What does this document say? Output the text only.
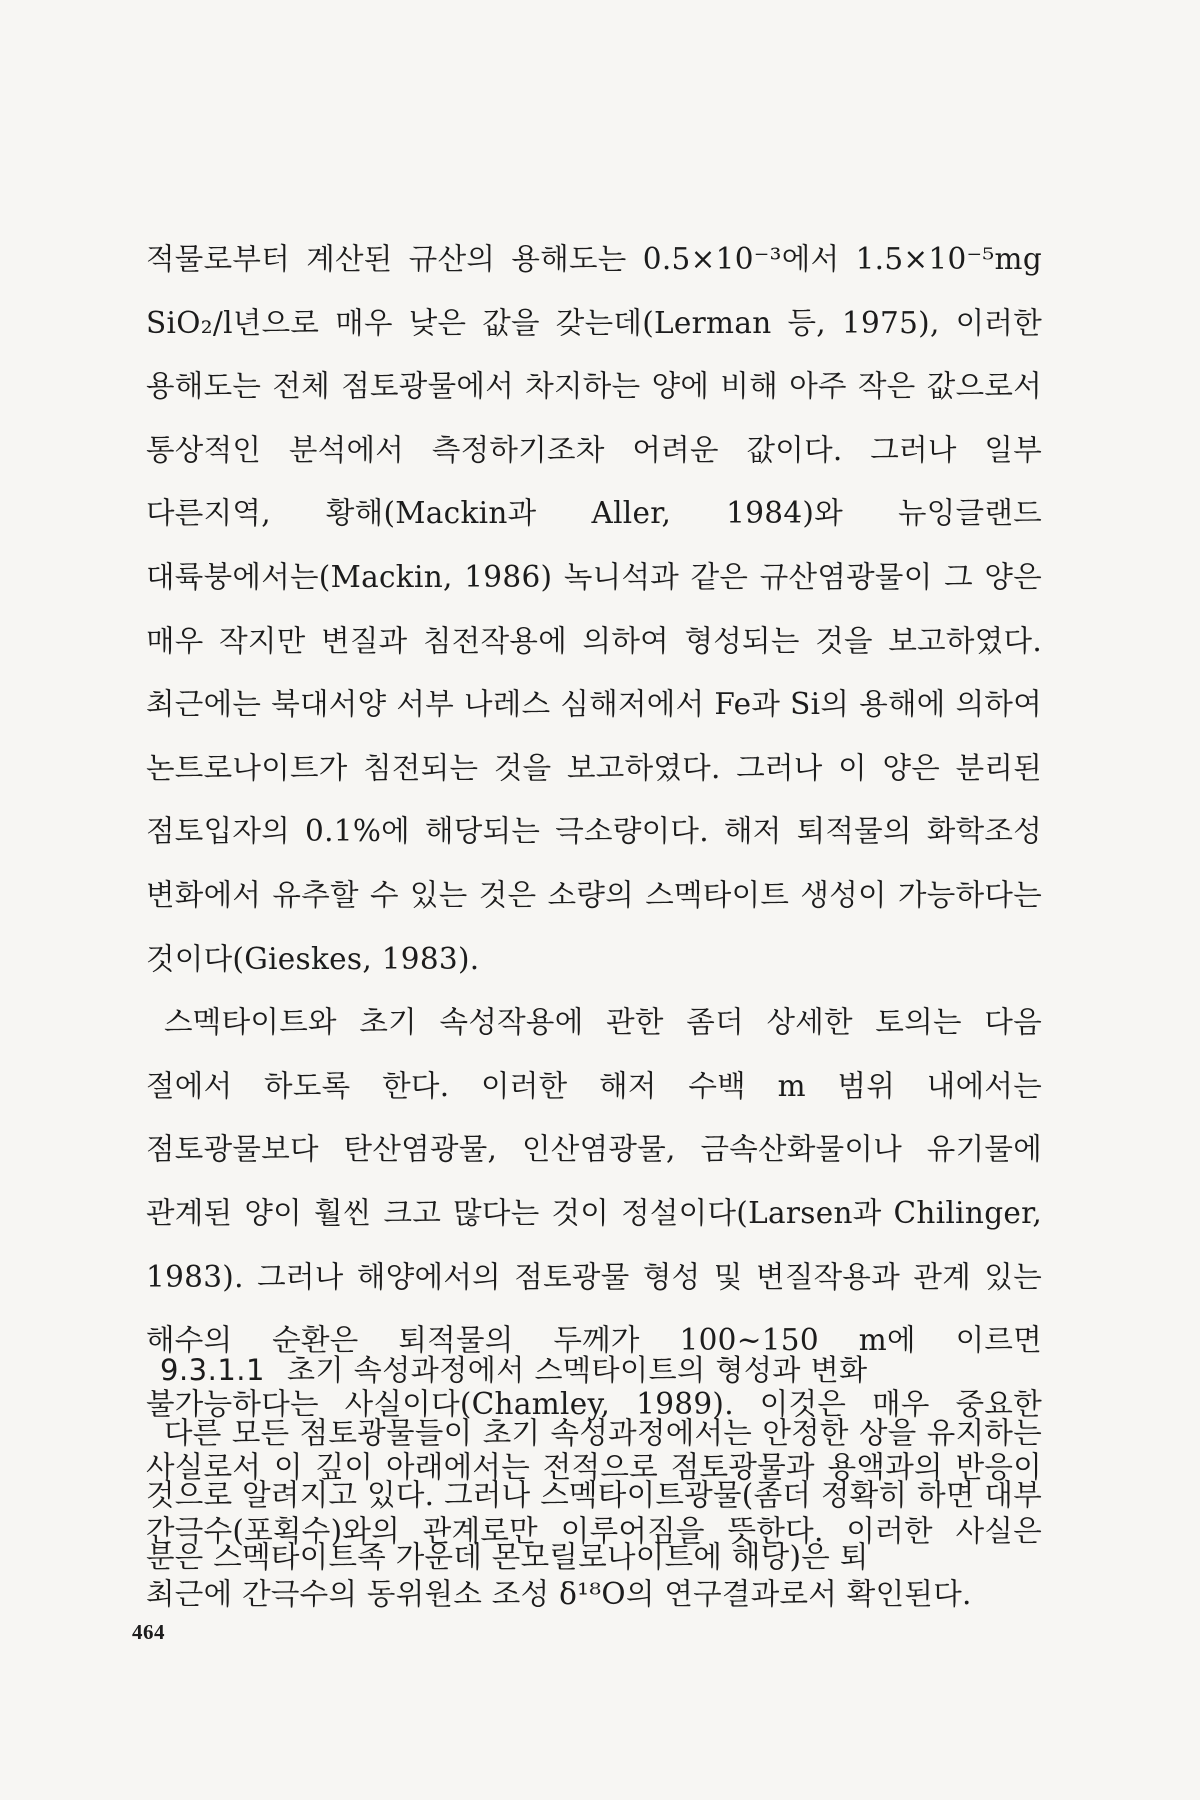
적물로부터 계산된 규산의 용해도는 0.5×10⁻³에서 1.5×10⁻⁵mg SiO₂/l년으로 매우 낮은 값을 갖는데(Lerman 등, 1975), 이러한 용해도는 전체 점토광물에서 차지하는 양에 비해 아주 작은 값으로서 통상적인 분석에서 측정하기조차 어려운 값이다. 그러나 일부 다른지역, 황해(Mackin과 Aller, 1984)와 뉴잉글랜드 대륙붕에서는(Mackin, 1986) 녹니석과 같은 규산염광물이 그 양은 매우 작지만 변질과 침전작용에 의하여 형성되는 것을 보고하였다. 최근에는 북대서양 서부 나레스 심해저에서 Fe과 Si의 용해에 의하여 논트로나이트가 침전되는 것을 보고하였다. 그러나 이 양은 분리된 점토입자의 0.1%에 해당되는 극소량이다. 해저 퇴적물의 화학조성 변화에서 유추할 수 있는 것은 소량의 스멕타이트 생성이 가능하다는 것이다(Gieskes, 1983).

스멕타이트와 초기 속성작용에 관한 좀더 상세한 토의는 다음 절에서 하도록 한다. 이러한 해저 수백 m 범위 내에서는 점토광물보다 탄산염광물, 인산염광물, 금속산화물이나 유기물에 관계된 양이 훨씬 크고 많다는 것이 정설이다(Larsen과 Chilinger, 1983). 그러나 해양에서의 점토광물 형성 및 변질작용과 관계 있는 해수의 순환은 퇴적물의 두께가 100~150 m에 이르면 불가능하다는 사실이다(Chamley, 1989). 이것은 매우 중요한 사실로서 이 깊이 아래에서는 전적으로 점토광물과 용액과의 반응이 간극수(포획수)와의 관계로만 이루어짐을 뜻한다. 이러한 사실은 최근에 간극수의 동위원소 조성 δ¹⁸O의 연구결과로서 확인된다.

9.3.1.1 초기 속성과정에서 스멕타이트의 형성과 변화

다른 모든 점토광물들이 초기 속성과정에서는 안정한 상을 유지하는 것으로 알려지고 있다. 그러나 스멕타이트광물(좀더 정확히 하면 대부분은 스멕타이트족 가운데 몬모릴로나이트에 해당)은 퇴

464
